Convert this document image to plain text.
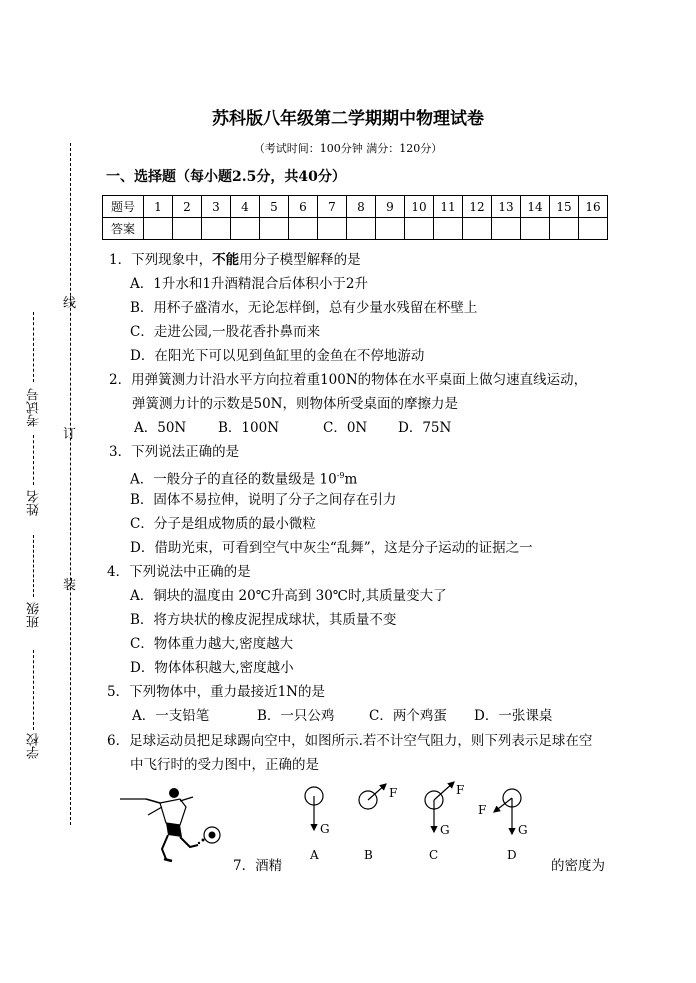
苏科版八年级第二学期期中物理试卷
（考试时间：100分钟 满分：120分）
线
订
装
考试号
姓名
班级
学校
一、选择题（每小题2.5分，共40分）
题号	1	2	3	4	5	6	7	8	9	10	11	12	13	14	15	16
答案																
1．下列现象中，不能用分子模型解释的是
A．1升水和1升酒精混合后体积小于2升
B．用杯子盛清水，无论怎样倒，总有少量水残留在杯壁上
C．走进公园,一股花香扑鼻而来
D．在阳光下可以见到鱼缸里的金鱼在不停地游动
2．用弹簧测力计沿水平方向拉着重100N的物体在水平桌面上做匀速直线运动，
弹簧测力计的示数是50N，则物体所受桌面的摩擦力是
A．50N B．100N	C．0N D．75N
3．下列说法正确的是
A．一般分子的直径的数量级是 $10^{-9}m$
B．固体不易拉伸，说明了分子之间存在引力
C．分子是组成物质的最小微粒
D．借助光束，可看到空气中灰尘“乱舞”，这是分子运动的证据之一
4．下列说法中正确的是
A．铜块的温度由 20℃升高到 30℃时,其质量变大了
B．将方块状的橡皮泥捏成球状，其质量不变
C．物体重力越大,密度越大
D．物体体积越大,密度越小
5．下列物体中，重力最接近1N的是
A．一支铅笔	B．一只公鸡	C．两个鸡蛋 D．一张课桌
6．足球运动员把足球踢向空中，如图所示.若不计空气阻力，则下列表示足球在空
中飞行时的受力图中，正确的是
G
F	F
G
F
G
A	B	C	D
7．酒精	的密度为
